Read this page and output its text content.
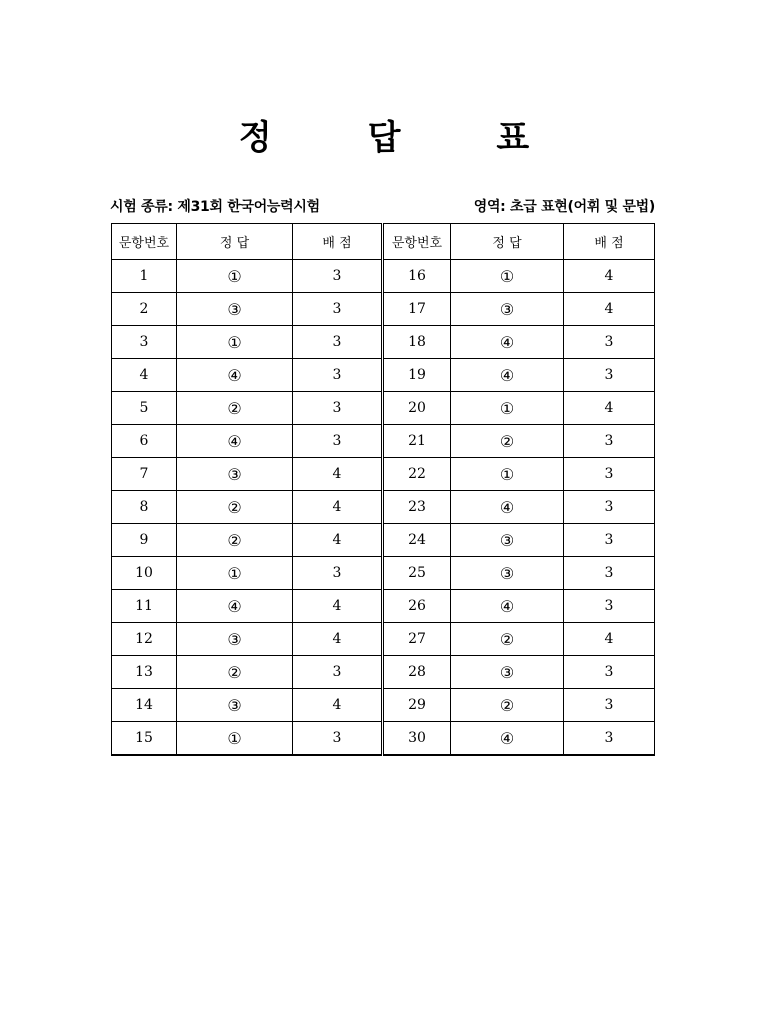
정	답	표
시험 종류: 제31회 한국어능력시험	영역: 초급 표현(어휘 및 문법)
문항번호	정 답	배 점	문항번호	정 답	배 점
1	①	3	16	①	4
2	③	3	17	③	4
3	①	3	18	④	3
4	④	3	19	④	3
5	②	3	20	①	4
6	④	3	21	②	3
7	③	4	22	①	3
8	②	4	23	④	3
9	②	4	24	③	3
10	①	3	25	③	3
11	④	4	26	④	3
12	③	4	27	②	4
13	②	3	28	③	3
14	③	4	29	②	3
15	①	3	30	④	3
